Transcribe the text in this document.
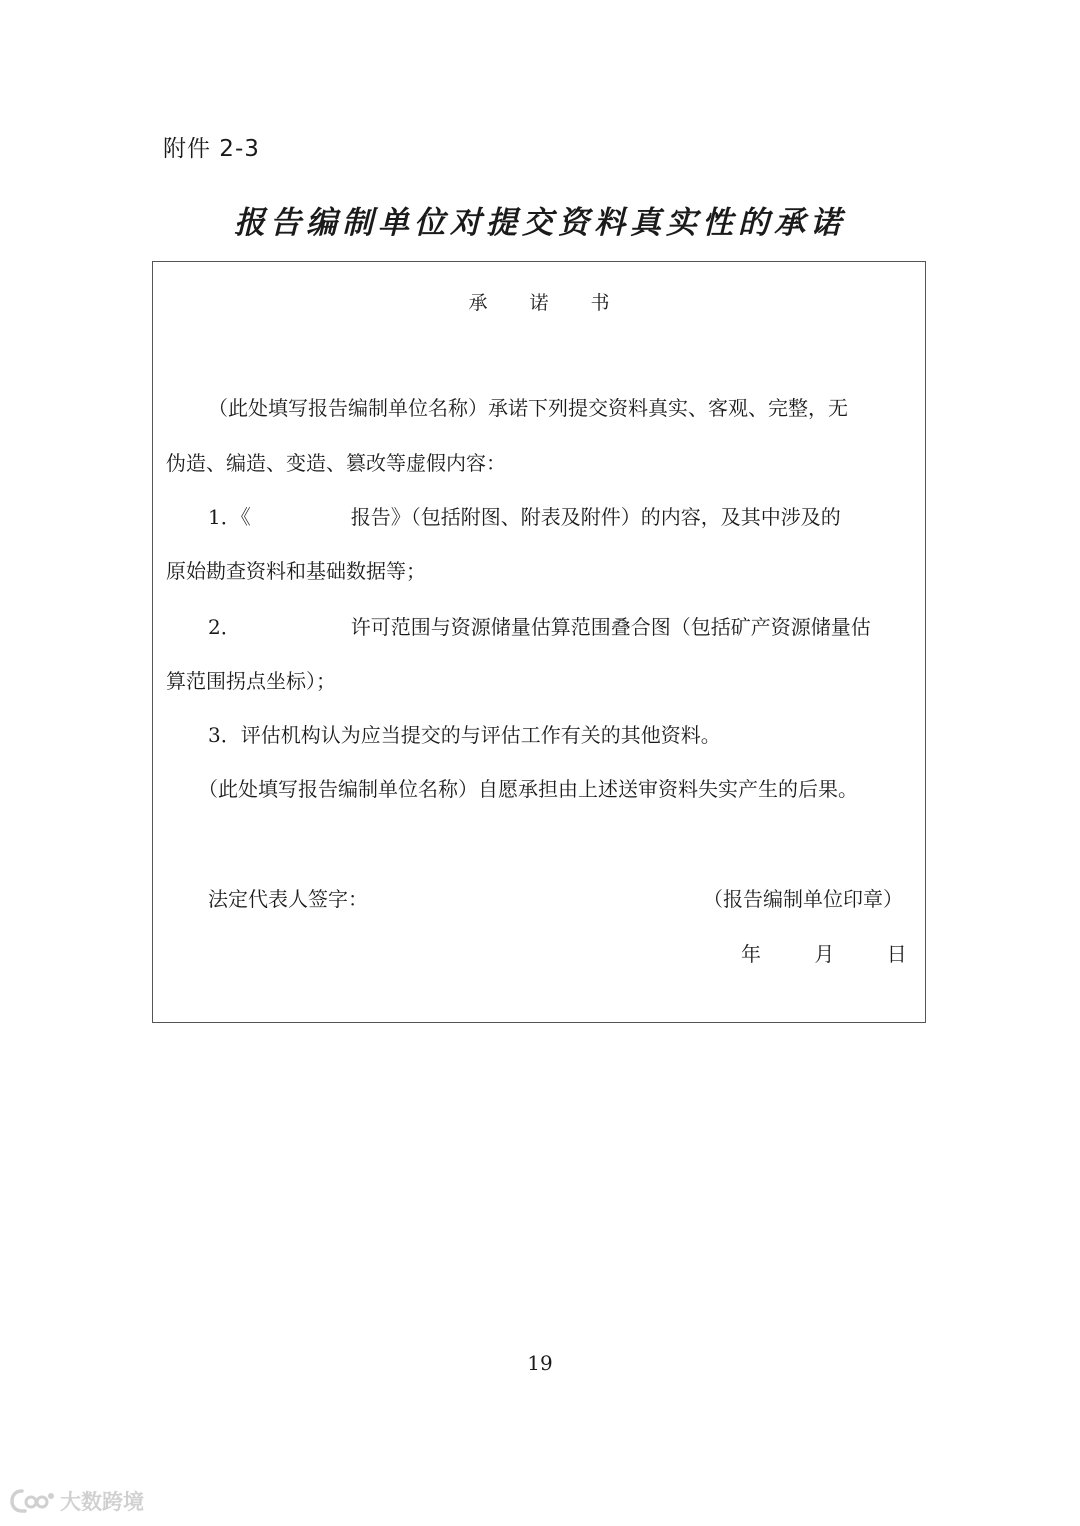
附件 2-3
报告编制单位对提交资料真实性的承诺
承 诺 书
（此处填写报告编制单位名称）承诺下列提交资料真实、客观、完整，无
伪造、编造、变造、篡改等虚假内容：
1．《　　　　　报告》（包括附图、附表及附件）的内容，及其中涉及的
原始勘查资料和基础数据等；
2．　　　　　　许可范围与资源储量估算范围叠合图（包括矿产资源储量估
算范围拐点坐标）；
3．评估机构认为应当提交的与评估工作有关的其他资料。
（此处填写报告编制单位名称）自愿承担由上述送审资料失实产生的后果。
法定代表人签字：	（报告编制单位印章）
年	月	日
19
大数跨境
